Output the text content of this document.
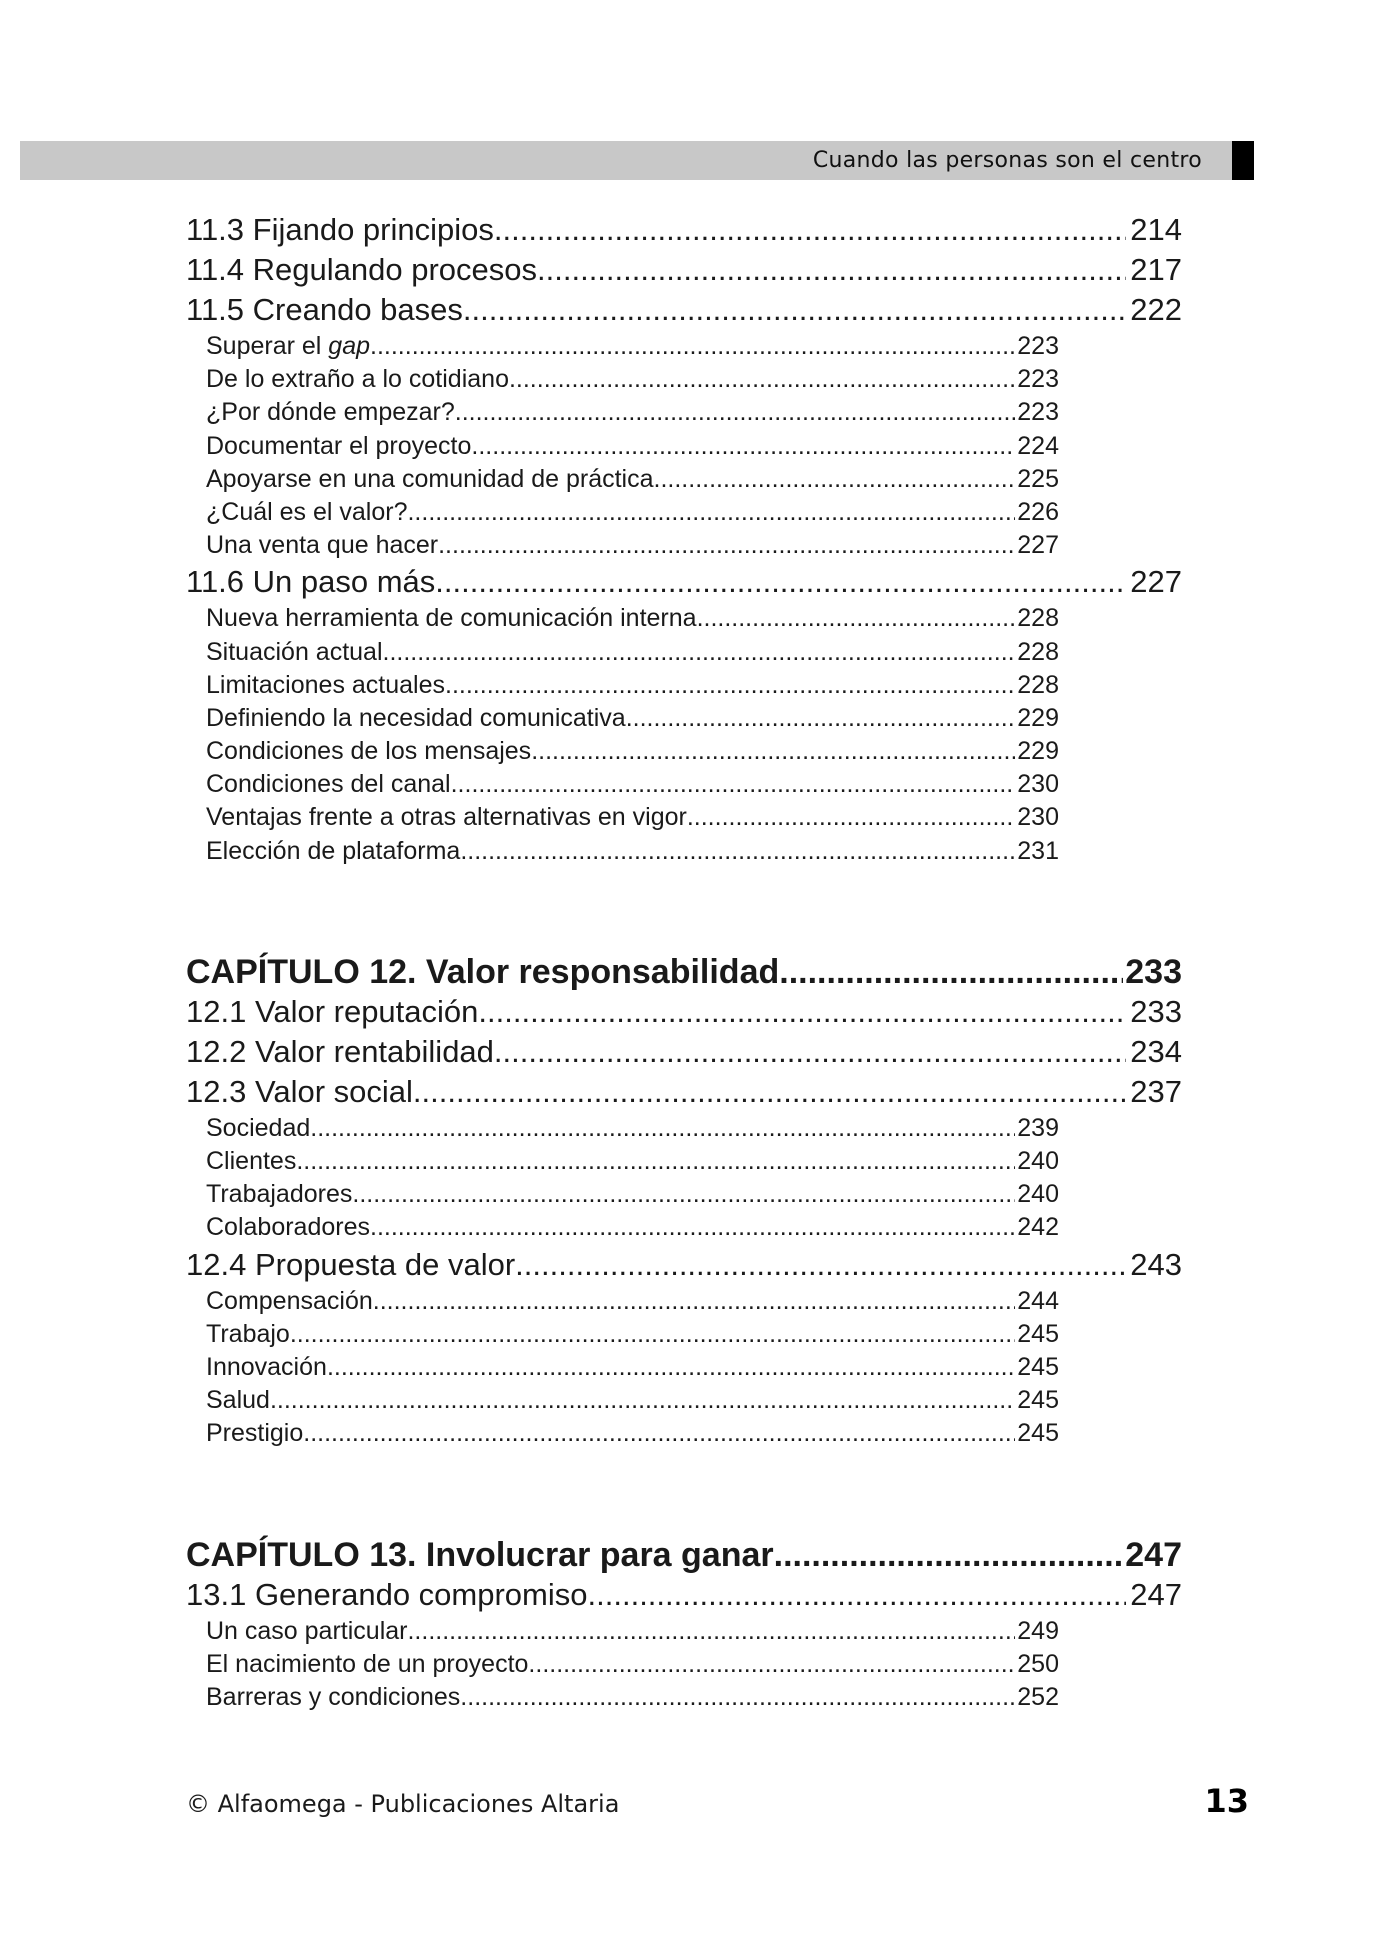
Cuando las personas son el centro
11.3 Fijando principios .....	214
11.4 Regulando procesos .....	217
11.5 Creando bases .....	222
Superar el gap .....	223
De lo extraño a lo cotidiano .....	223
¿Por dónde empezar? .....	223
Documentar el proyecto .....	224
Apoyarse en una comunidad de práctica .....	225
¿Cuál es el valor? .....	226
Una venta que hacer .....	227
11.6 Un paso más .....	227
Nueva herramienta de comunicación interna .....	228
Situación actual .....	228
Limitaciones actuales .....	228
Definiendo la necesidad comunicativa .....	229
Condiciones de los mensajes .....	229
Condiciones del canal .....	230
Ventajas frente a otras alternativas en vigor .....	230
Elección de plataforma .....	231
CAPÍTULO 12. Valor responsabilidad .....	233
12.1 Valor reputación .....	233
12.2 Valor rentabilidad .....	234
12.3 Valor social .....	237
Sociedad .....	239
Clientes .....	240
Trabajadores .....	240
Colaboradores .....	242
12.4 Propuesta de valor .....	243
Compensación .....	244
Trabajo .....	245
Innovación .....	245
Salud .....	245
Prestigio .....	245
CAPÍTULO 13. Involucrar para ganar .....	247
13.1 Generando compromiso .....	247
Un caso particular .....	249
El nacimiento de un proyecto .....	250
Barreras y condiciones .....	252
© Alfaomega - Publicaciones Altaria	13
